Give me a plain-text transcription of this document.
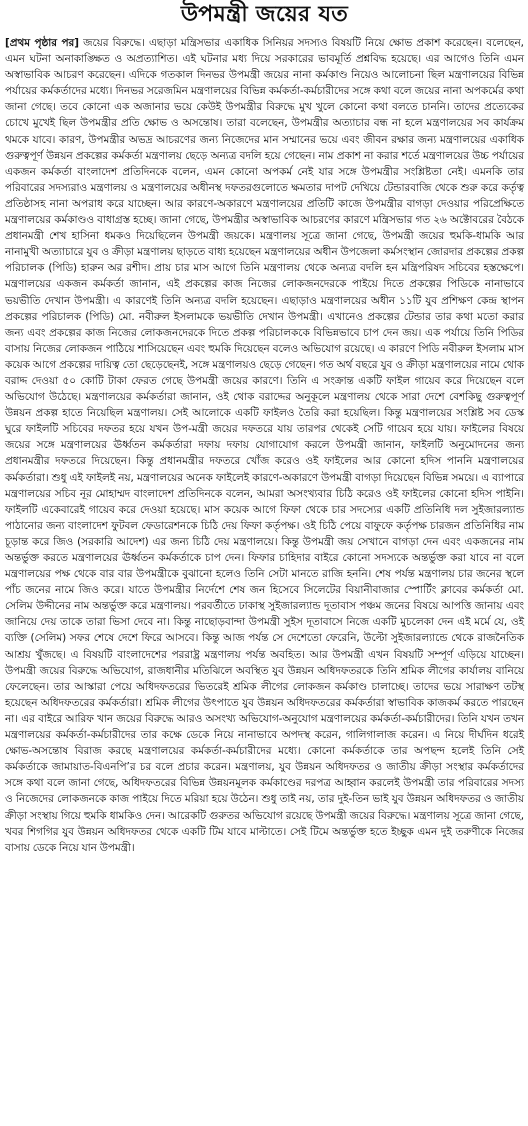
উপমন্ত্রী জয়ের যত

[প্রথম পৃষ্ঠার পর] জয়ের বিরুদ্ধে। এছাড়া মন্ত্রিসভার একাধিক সিনিয়র সদস্যও বিষয়টি নিয়ে ক্ষোভ প্রকাশ করেছেন। বলেছেন, এমন ঘটনা অনাকাঙ্ক্ষিত ও অপ্রত্যাশিত। এই ঘটনার মধ্য দিয়ে সরকারের ভাবমূর্তি প্রশ্নবিদ্ধ হয়েছে। এর আগেও তিনি এমন অস্বাভাবিক আচরণ করেছেন। এদিকে গতকাল দিনভর উপমন্ত্রী জয়ের নানা কর্মকাণ্ড নিয়েও আলোচনা ছিল মন্ত্রণালয়ের বিভিন্ন পর্যায়ের কর্মকর্তাদের মধ্যে। দিনভর সরেজমিন মন্ত্রণালয়ের বিভিন্ন কর্মকর্তা-কর্মচারীদের সঙ্গে কথা বলে জয়ের নানা অপকর্মের কথা জানা গেছে। তবে কোনো এক অজানার ভয়ে কেউই উপমন্ত্রীর বিরুদ্ধে মুখ খুলে কোনো কথা বলতে চাননি। তাদের প্রত্যেকের চোখে মুখেই ছিল উপমন্ত্রীর প্রতি ক্ষোভ ও অসন্তোষ। তারা বলেছেন, উপমন্ত্রীর অত্যাচার বন্ধ না হলে মন্ত্রণালয়ের সব কার্যক্রম থমকে যাবে। কারণ, উপমন্ত্রীর অভদ্র আচরণের জন্য নিজেদের মান সম্মানের ভয়ে এবং জীবন রক্ষার জন্য মন্ত্রণালয়ের একাধিক গুরুত্বপূর্ণ উন্নয়ন প্রকল্পের কর্মকর্তা মন্ত্রণালয় ছেড়ে অন্যত্র বদলি হয়ে গেছেন। নাম প্রকাশ না করার শর্তে মন্ত্রণালয়ের উচ্চ পর্যায়ের একজন কর্মকর্তা বাংলাদেশ প্রতিদিনকে বলেন, এমন কোনো অপকর্ম নেই যার সঙ্গে উপমন্ত্রীর সংশ্লিষ্টতা নেই। এমনকি তার পরিবারের সদস্যরাও মন্ত্রণালয় ও মন্ত্রণালয়ের অধীনস্থ দফতরগুলোতে ক্ষমতার দাপট দেখিয়ে টেন্ডারবাজি থেকে শুরু করে কর্তৃত্ব প্রতিষ্ঠাসহ নানা অপরাধ করে যাচ্ছেন। আর কারণে-অকারণে মন্ত্রণালয়ের প্রতিটি কাজে উপমন্ত্রীর বাগড়া দেওয়ার পরিপ্রেক্ষিতে মন্ত্রণালয়ের কর্মকাণ্ডও বাধাগ্রস্ত হচ্ছে। জানা গেছে, উপমন্ত্রীর অস্বাভাবিক আচরণের কারণে মন্ত্রিসভার গত ২৬ অক্টোবরের বৈঠকে প্রধানমন্ত্রী শেখ হাসিনা ধমকও দিয়েছিলেন উপমন্ত্রী জয়কে। মন্ত্রণালয় সূত্রে জানা গেছে, উপমন্ত্রী জয়ের হুমকি-ধামকি আর নানামুখী অত্যাচারে যুব ও ক্রীড়া মন্ত্রণালয় ছাড়তে বাধ্য হয়েছেন মন্ত্রণালয়ের অধীন উপজেলা কর্মসংস্থান জোরদার প্রকল্পের প্রকল্প পরিচালক (পিডি) হারুন অর রশীদ। প্রায় চার মাস আগে তিনি মন্ত্রণালয় থেকে অন্যত্র বদলি হন মন্ত্রিপরিষদ সচিবের হস্তক্ষেপে। মন্ত্রণালয়ের একজন কর্মকর্তা জানান, এই প্রকল্পের কাজ নিজের লোকজনদেরকে পাইয়ে দিতে প্রকল্পের পিডিকে নানাভাবে ভয়ভীতি দেখান উপমন্ত্রী। এ কারণেই তিনি অন্যত্র বদলি হয়েছেন। এছাড়াও মন্ত্রণালয়ের অধীন ১১টি যুব প্রশিক্ষণ কেন্দ্র স্থাপন প্রকল্পের পরিচালক (পিডি) মো. নবীরুল ইসলামকে ভয়ভীতি দেখান উপমন্ত্রী। এখানেও প্রকল্পের টেন্ডার তার কথা মতো করার জন্য এবং প্রকল্পের কাজ নিজের লোকজনদেরকে দিতে প্রকল্প পরিচালককে বিভিন্নভাবে চাপ দেন জয়। এক পর্যায়ে তিনি পিডির বাসায় নিজের লোকজন পাঠিয়ে শাসিয়েছেন এবং হুমকি দিয়েছেন বলেও অভিযোগ রয়েছে। এ কারণে পিডি নবীরুল ইসলাম মাস কয়েক আগে প্রকল্পের দায়িত্ব তো ছেড়েছেনই, সঙ্গে মন্ত্রণালয়ও ছেড়ে গেছেন। গত অর্থ বছরে যুব ও ক্রীড়া মন্ত্রণালয়ের নামে থোক বরাদ্দ দেওয়া ৫০ কোটি টাকা ফেরত গেছে উপমন্ত্রী জয়ের কারণে। তিনি এ সংক্রান্ত একটি ফাইল গায়েব করে দিয়েছেন বলে অভিযোগ উঠেছে। মন্ত্রণালয়ের কর্মকর্তারা জানান, ওই থোক বরাদ্দের অনুকূলে মন্ত্রণালয় থেকে সারা দেশে বেশকিছু গুরুত্বপূর্ণ উন্নয়ন প্রকল্প হাতে নিয়েছিল মন্ত্রণালয়। সেই আলোকে একটি ফাইলও তৈরি করা হয়েছিল। কিন্তু মন্ত্রণালয়ের সংশ্লিষ্ট সব ডেস্ক ঘুরে ফাইলটি সচিবের দফতর হয়ে যখন উপ-মন্ত্রী জয়ের দফতরে যায় তারপর থেকেই সেটি গায়েব হয়ে যায়। ফাইলের বিষয়ে জয়ের সঙ্গে মন্ত্রণালয়ের ঊর্ধ্বতন কর্মকর্তারা দফায় দফায় যোগাযোগ করলে উপমন্ত্রী জানান, ফাইলটি অনুমোদনের জন্য প্রধানমন্ত্রীর দফতরে দিয়েছেন। কিন্তু প্রধানমন্ত্রীর দফতরে খোঁজ করেও ওই ফাইলের আর কোনো হদিস পাননি মন্ত্রণালয়ের কর্মকর্তারা। শুধু এই ফাইলই নয়, মন্ত্রণালয়ের অনেক ফাইলেই কারণে-অকারণে উপমন্ত্রী বাগড়া দিয়েছেন বিভিন্ন সময়ে। এ ব্যাপারে মন্ত্রণালয়ের সচিব নূর মোহাম্মদ বাংলাদেশ প্রতিদিনকে বলেন, আমরা অসংখ্যবার চিঠি করেও ওই ফাইলের কোনো হদিস পাইনি। ফাইলটি একেবারেই গায়েব করে দেওয়া হয়েছে। মাস কয়েক আগে ফিফা থেকে চার সদস্যের একটি প্রতিনিধি দল সুইজারল্যান্ড পাঠানোর জন্য বাংলাদেশ ফুটবল ফেডারেশনকে চিঠি দেয় ফিফা কর্তৃপক্ষ। ওই চিঠি পেয়ে বাফুফে কর্তৃপক্ষ চারজন প্রতিনিধির নাম চূড়ান্ত করে জিও (সরকারি আদেশ) এর জন্য চিঠি দেয় মন্ত্রণালয়ে। কিন্তু উপমন্ত্রী জয় সেখানে বাগড়া দেন এবং একজনের নাম অন্তর্ভুক্ত করতে মন্ত্রণালয়ের ঊর্ধ্বতন কর্মকর্তাকে চাপ দেন। ফিফার চাহিদার বাইরে কোনো সদস্যকে অন্তর্ভুক্ত করা যাবে না বলে মন্ত্রণালয়ের পক্ষ থেকে বার বার উপমন্ত্রীকে বুঝানো হলেও তিনি সেটা মানতে রাজি হননি। শেষ পর্যন্ত মন্ত্রণালয় চার জনের স্থলে পাঁচ জনের নামে জিও করে। যাতে উপমন্ত্রীর নির্দেশে শেষ জন হিসেবে সিলেটের বিয়ানীবাজার স্পোর্টিং ক্লাবের কর্মকর্তা মো. সেলিম উদ্দীনের নাম অন্তর্ভুক্ত করে মন্ত্রণালয়। পরবর্তীতে ঢাকাস্থ সুইজারল্যান্ড দূতাবাস পঞ্চম জনের বিষয়ে আপত্তি জানায় এবং জানিয়ে দেয় তাকে তারা ভিসা দেবে না। কিন্তু নাছোড়বান্দা উপমন্ত্রী সুইস দূতাবাসে নিজে একটি মুচলেকা দেন এই মর্মে যে, ওই ব্যক্তি (সেলিম) সফর শেষে দেশে ফিরে আসবে। কিন্তু আজ পর্যন্ত সে দেশেতো ফেরেনি, উল্টো সুইজারল্যান্ডে থেকে রাজনৈতিক আশ্রয় খুঁজছে। এ বিষয়টি বাংলাদেশের পররাষ্ট্র মন্ত্রণালয় পর্যন্ত অবহিত। আর উপমন্ত্রী এখন বিষয়টি সম্পূর্ণ এড়িয়ে যাচ্ছেন। উপমন্ত্রী জয়ের বিরুদ্ধে অভিযোগ, রাজধানীর মতিঝিলে অবস্থিত যুব উন্নয়ন অধিদফতরকে তিনি শ্রমিক লীগের কার্যালয় বানিয়ে ফেলেছেন। তার আস্কারা পেয়ে অধিদফতরের ভিতরেই শ্রমিক লীগের লোকজন কর্মকাণ্ড চালাচ্ছে। তাদের ভয়ে সারাক্ষণ তটস্থ হয়েছেন অধিদফতরের কর্মকর্তারা। শ্রমিক লীগের উৎপাতে যুব উন্নয়ন অধিদফতরের কর্মকর্তারা স্বাভাবিক কাজকর্ম করতে পারছেন না। এর বাইরে আরিফ খান জয়ের বিরুদ্ধে আরও অসংখ্য অভিযোগ-অনুযোগ মন্ত্রণালয়ের কর্মকর্তা-কর্মচারীদের। তিনি যখন তখন মন্ত্রণালয়ের কর্মকর্তা-কর্মচারীদের তার কক্ষে ডেকে নিয়ে নানাভাবে অপদস্থ করেন, গালিগালাজ করেন। এ নিয়ে দীর্ঘদিন ধরেই ক্ষোভ-অসন্তোষ বিরাজ করছে মন্ত্রণালয়ের কর্মকর্তা-কর্মচারীদের মধ্যে। কোনো কর্মকর্তাকে তার অপছন্দ হলেই তিনি সেই কর্মকর্তাকে জামায়াত-বিএনপি’র চর বলে প্রচার করেন। মন্ত্রণালয়, যুব উন্নয়ন অধিদফতর ও জাতীয় ক্রীড়া সংস্থার কর্মকর্তাদের সঙ্গে কথা বলে জানা গেছে, অধিদফতরের বিভিন্ন উন্নয়নমূলক কর্মকাণ্ডের দরপত্র আহ্বান করলেই উপমন্ত্রী তার পরিবারের সদস্য ও নিজেদের লোকজনকে কাজ পাইয়ে দিতে মরিয়া হয়ে উঠেন। শুধু তাই নয়, তার দুই-তিন ভাই যুব উন্নয়ন অধিদফতর ও জাতীয় ক্রীড়া সংস্থায় গিয়ে হুমকি ধামকিও দেন। আরেকটি গুরুতর অভিযোগ রয়েছে উপমন্ত্রী জয়ের বিরুদ্ধে। মন্ত্রণালয় সূত্রে জানা গেছে, খবর শিগগির যুব উন্নয়ন অধিদফতর থেকে একটি টিম যাবে মাল্টাতে। সেই টিমে অন্তর্ভুক্ত হতে ইচ্ছুক এমন দুই তরুণীকে নিজের বাসায় ডেকে নিয়ে যান উপমন্ত্রী।
